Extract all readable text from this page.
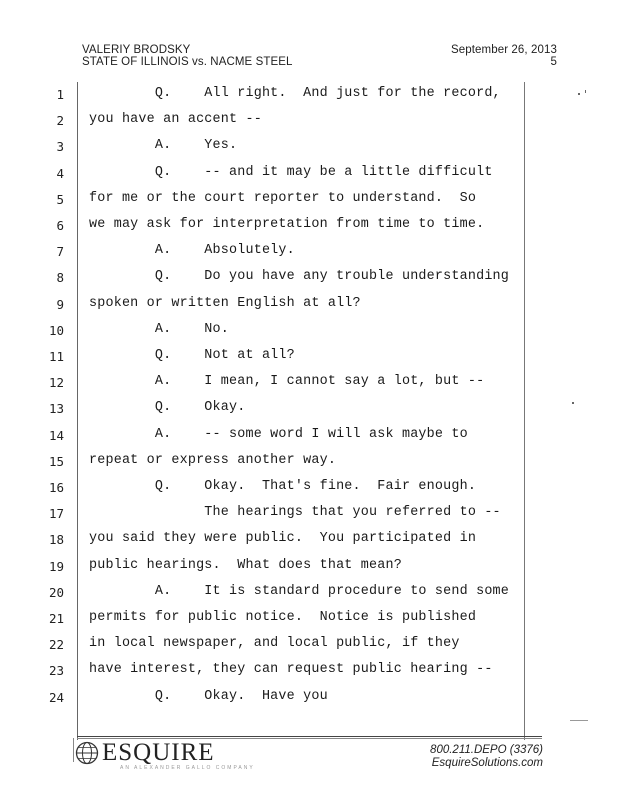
VALERIY BRODSKY
STATE OF ILLINOIS vs. NACME STEEL
September 26, 2013
5
1 Q.    All right.  And just for the record,
2 you have an accent --
3 A.    Yes.
4 Q.    -- and it may be a little difficult
5 for me or the court reporter to understand.  So
6 we may ask for interpretation from time to time.
7 A.    Absolutely.
8 Q.    Do you have any trouble understanding
9 spoken or written English at all?
10 A.    No.
11 Q.    Not at all?
12 A.    I mean, I cannot say a lot, but --
13 Q.    Okay.
14 A.    -- some word I will ask maybe to
15 repeat or express another way.
16 Q.    Okay.  That's fine.  Fair enough.
17 The hearings that you referred to --
18 you said they were public.  You participated in
19 public hearings.  What does that mean?
20 A.    It is standard procedure to send some
21 permits for public notice.  Notice is published
22 in local newspaper, and local public, if they
23 have interest, they can request public hearing --
24 Q.    Okay.  Have you
ESQUIRE
AN ALEXANDER GALLO COMPANY
800.211.DEPO (3376)
EsquireSolutions.com
